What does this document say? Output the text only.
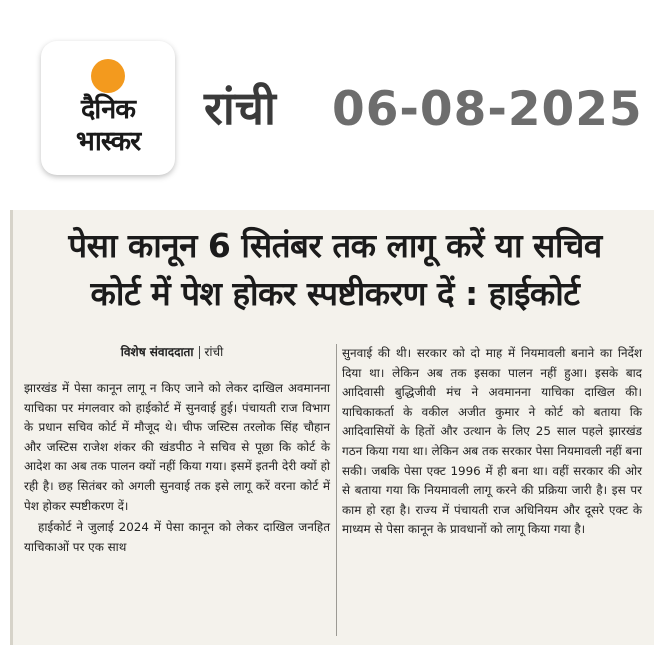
दैनिक
भास्कर
रांची 06-08-2025
पेसा कानून 6 सितंबर तक लागू करें या सचिव
कोर्ट में पेश होकर स्पष्टीकरण दें : हाईकोर्ट
विशेष संवाददाता रांची

झारखंड में पेसा कानून लागू न किए जाने को लेकर दाखिल अवमानना याचिका पर मंगलवार को हाईकोर्ट में सुनवाई हुई। पंचायती राज विभाग के प्रधान सचिव कोर्ट में मौजूद थे। चीफ जस्टिस तरलोक सिंह चौहान और जस्टिस राजेश शंकर की खंडपीठ ने सचिव से पूछा कि कोर्ट के आदेश का अब तक पालन क्यों नहीं किया गया। इसमें इतनी देरी क्यों हो रही है। छह सितंबर को अगली सुनवाई तक इसे लागू करें वरना कोर्ट में पेश होकर स्पष्टीकरण दें।

हाईकोर्ट ने जुलाई 2024 में पेसा कानून को लेकर दाखिल जनहित याचिकाओं पर एक साथ

सुनवाई की थी। सरकार को दो माह में नियमावली बनाने का निर्देश दिया था। लेकिन अब तक इसका पालन नहीं हुआ। इसके बाद आदिवासी बुद्धिजीवी मंच ने अवमानना याचिका दाखिल की। याचिकाकर्ता के वकील अजीत कुमार ने कोर्ट को बताया कि आदिवासियों के हितों और उत्थान के लिए 25 साल पहले झारखंड गठन किया गया था। लेकिन अब तक सरकार पेसा नियमावली नहीं बना सकी। जबकि पेसा एक्ट 1996 में ही बना था। वहीं सरकार की ओर से बताया गया कि नियमावली लागू करने की प्रक्रिया जारी है। इस पर काम हो रहा है। राज्य में पंचायती राज अधिनियम और दूसरे एक्ट के माध्यम से पेसा कानून के प्रावधानों को लागू किया गया है।
